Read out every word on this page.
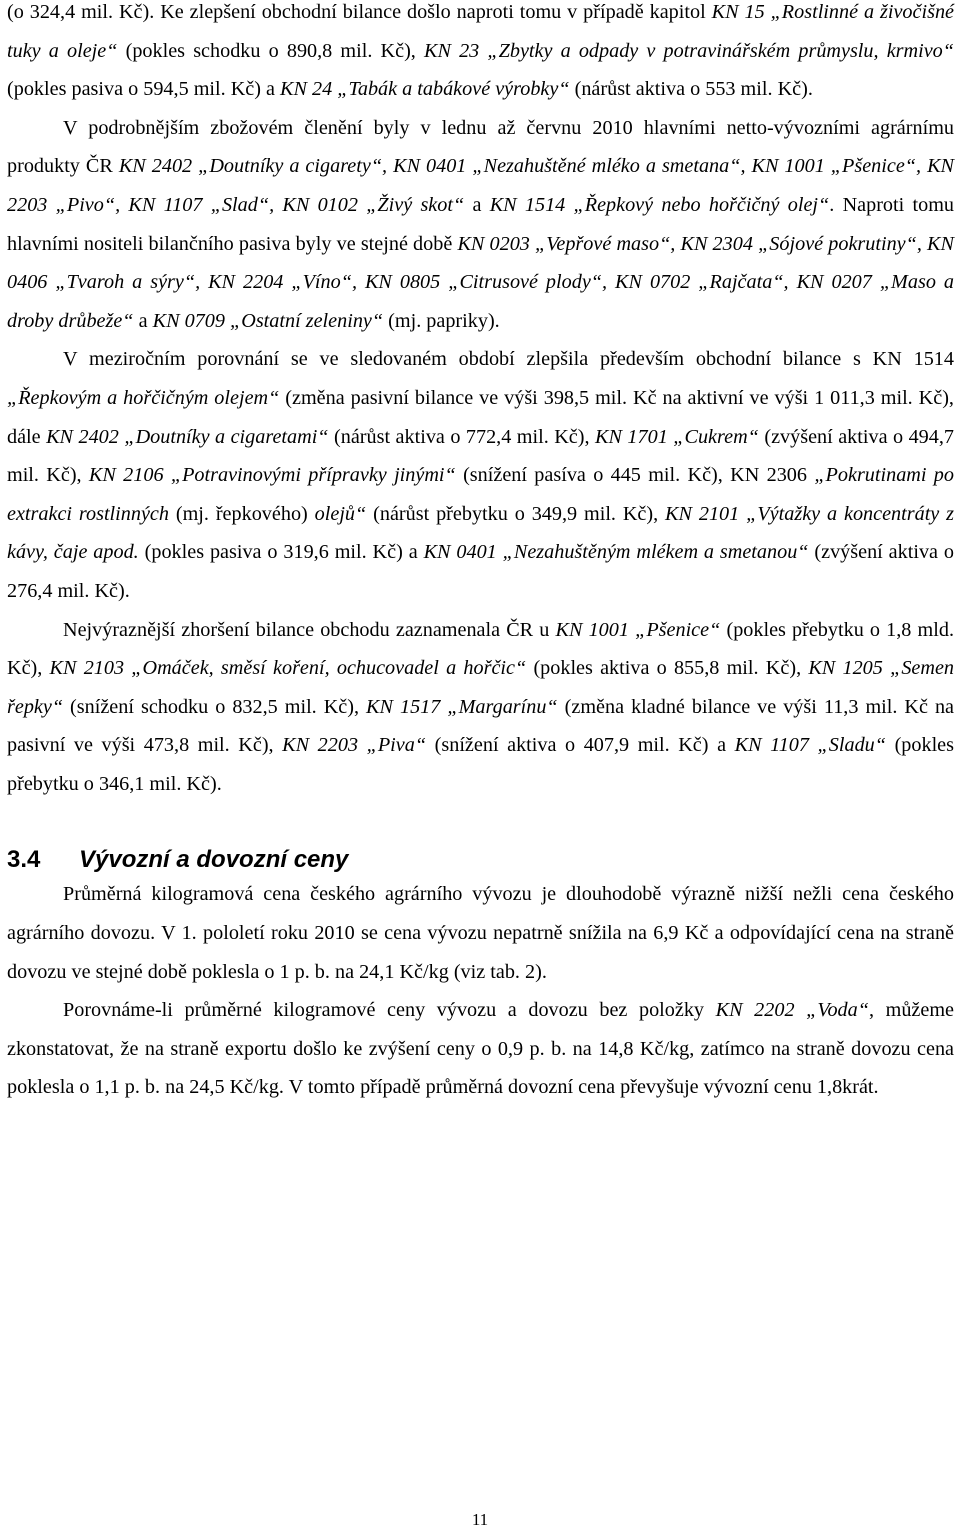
(o 324,4 mil. Kč). Ke zlepšení obchodní bilance došlo naproti tomu v případě kapitol KN 15 „Rostlinné a živočišné tuky a oleje“ (pokles schodku o 890,8 mil. Kč), KN 23 „Zbytky a odpady v potravinářském průmyslu, krmivo“ (pokles pasiva o 594,5 mil. Kč) a KN 24 „Tabák a tabákové výrobky“ (nárůst aktiva o 553 mil. Kč).

V podrobnějším zbožovém členění byly v lednu až červnu 2010 hlavními netto-vývozními agrárnímu produkty ČR KN 2402 „Doutníky a cigarety“, KN 0401 „Nezahuštěné mléko a smetana“, KN 1001 „Pšenice“, KN 2203 „Pivo“, KN 1107 „Slad“, KN 0102 „Živý skot“ a KN 1514 „Řepkový nebo hořčičný olej“. Naproti tomu hlavními nositeli bilančního pasiva byly ve stejné době KN 0203 „Vepřové maso“, KN 2304 „Sójové pokrutiny“, KN 0406 „Tvaroh a sýry“, KN 2204 „Víno“, KN 0805 „Citrusové plody“, KN 0702 „Rajčata“, KN 0207 „Maso a droby drůbeže“ a KN 0709 „Ostatní zeleniny“ (mj. papriky).

V meziročním porovnání se ve sledovaném období zlepšila především obchodní bilance s KN 1514 „Řepkovým a hořčičným olejem“ (změna pasivní bilance ve výši 398,5 mil. Kč na aktivní ve výši 1 011,3 mil. Kč), dále KN 2402 „Doutníky a cigaretami“ (nárůst aktiva o 772,4 mil. Kč), KN 1701 „Cukrem“ (zvýšení aktiva o 494,7 mil. Kč), KN 2106 „Potravinovými přípravky jinými“ (snížení pasíva o 445 mil. Kč), KN 2306 „Pokrutinami po extrakci rostlinných (mj. řepkového) olejů“ (nárůst přebytku o 349,9 mil. Kč), KN 2101 „Výtažky a koncentráty z kávy, čaje apod. (pokles pasiva o 319,6 mil. Kč) a KN 0401 „Nezahuštěným mlékem a smetanou“ (zvýšení aktiva o 276,4 mil. Kč).

Nejvýraznější zhoršení bilance obchodu zaznamenala ČR u KN 1001 „Pšenice“ (pokles přebytku o 1,8 mld. Kč), KN 2103 „Omáček, směsí koření, ochucovadel a hořčic“ (pokles aktiva o 855,8 mil. Kč), KN 1205 „Semen řepky“ (snížení schodku o 832,5 mil. Kč), KN 1517 „Margarínu“ (změna kladné bilance ve výši 11,3 mil. Kč na pasivní ve výši 473,8 mil. Kč), KN 2203 „Piva“ (snížení aktiva o 407,9 mil. Kč) a KN 1107 „Sladu“ (pokles přebytku o 346,1 mil. Kč).

3.4	Vývozní a dovozní ceny

Průměrná kilogramová cena českého agrárního vývozu je dlouhodobě výrazně nižší nežli cena českého agrárního dovozu. V 1. pololetí roku 2010 se cena vývozu nepatrně snížila na 6,9 Kč a odpovídající cena na straně dovozu ve stejné době poklesla o 1 p. b. na 24,1 Kč/kg (viz tab. 2).

Porovnáme-li průměrné kilogramové ceny vývozu a dovozu bez položky KN 2202 „Voda“, můžeme zkonstatovat, že na straně exportu došlo ke zvýšení ceny o 0,9 p. b. na 14,8 Kč/kg, zatímco na straně dovozu cena poklesla o 1,1 p. b. na 24,5 Kč/kg. V tomto případě průměrná dovozní cena převyšuje vývozní cenu 1,8krát.

11
